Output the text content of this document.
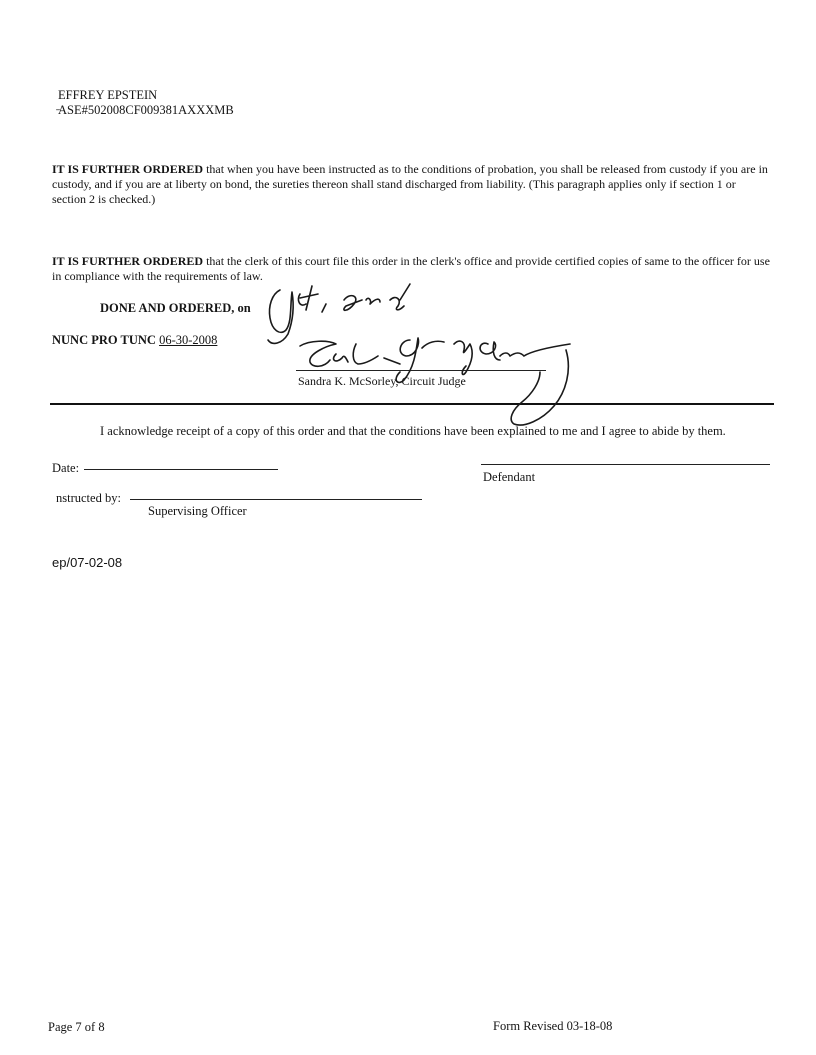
EFFREY EPSTEIN
̵ASE#502008CF009381AXXXMB
IT IS FURTHER ORDERED that when you have been instructed as to the conditions of probation, you shall be released from custody if you are in custody, and if you are at liberty on bond, the sureties thereon shall stand discharged from liability. (This paragraph applies only if section 1 or section 2 is checked.)
IT IS FURTHER ORDERED that the clerk of this court file this order in the clerk's office and provide certified copies of same to the officer for use in compliance with the requirements of law.
DONE AND ORDERED, on
NUNC PRO TUNC 06-30-2008
Sandra K. McSorley, Circuit Judge
I acknowledge receipt of a copy of this order and that the conditions have been explained to me and I agree to abide by them.
Date:
Defendant
nstructed by:
Supervising Officer
ep/07-02-08
Page 7 of 8	Form Revised 03-18-08
